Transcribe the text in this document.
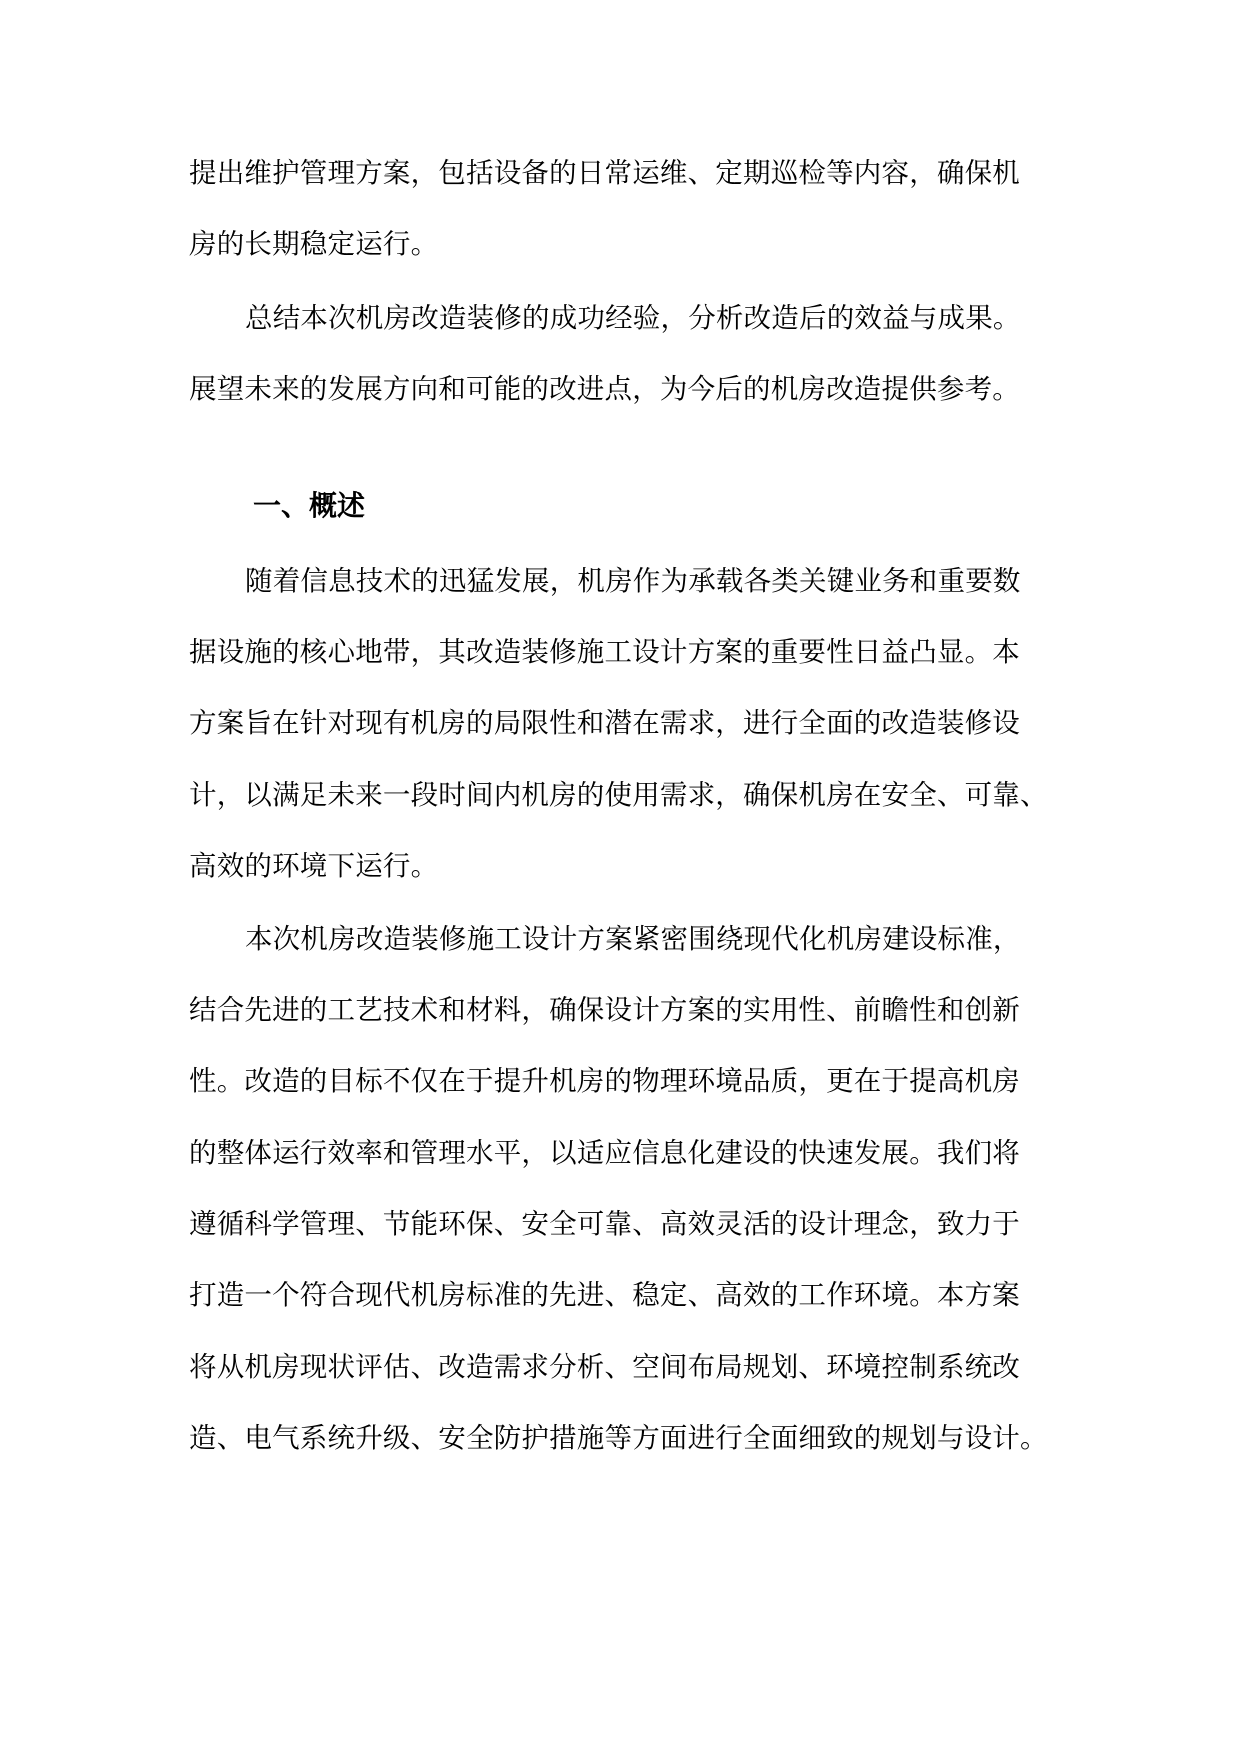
提出维护管理方案，包括设备的日常运维、定期巡检等内容，确保机
房的长期稳定运行。
总结本次机房改造装修的成功经验，分析改造后的效益与成果。
展望未来的发展方向和可能的改进点，为今后的机房改造提供参考。
一、概述
随着信息技术的迅猛发展，机房作为承载各类关键业务和重要数
据设施的核心地带，其改造装修施工设计方案的重要性日益凸显。本
方案旨在针对现有机房的局限性和潜在需求，进行全面的改造装修设
计，以满足未来一段时间内机房的使用需求，确保机房在安全、可靠、
高效的环境下运行。
本次机房改造装修施工设计方案紧密围绕现代化机房建设标准，
结合先进的工艺技术和材料，确保设计方案的实用性、前瞻性和创新
性。改造的目标不仅在于提升机房的物理环境品质，更在于提高机房
的整体运行效率和管理水平，以适应信息化建设的快速发展。我们将
遵循科学管理、节能环保、安全可靠、高效灵活的设计理念，致力于
打造一个符合现代机房标准的先进、稳定、高效的工作环境。本方案
将从机房现状评估、改造需求分析、空间布局规划、环境控制系统改
造、电气系统升级、安全防护措施等方面进行全面细致的规划与设计。
